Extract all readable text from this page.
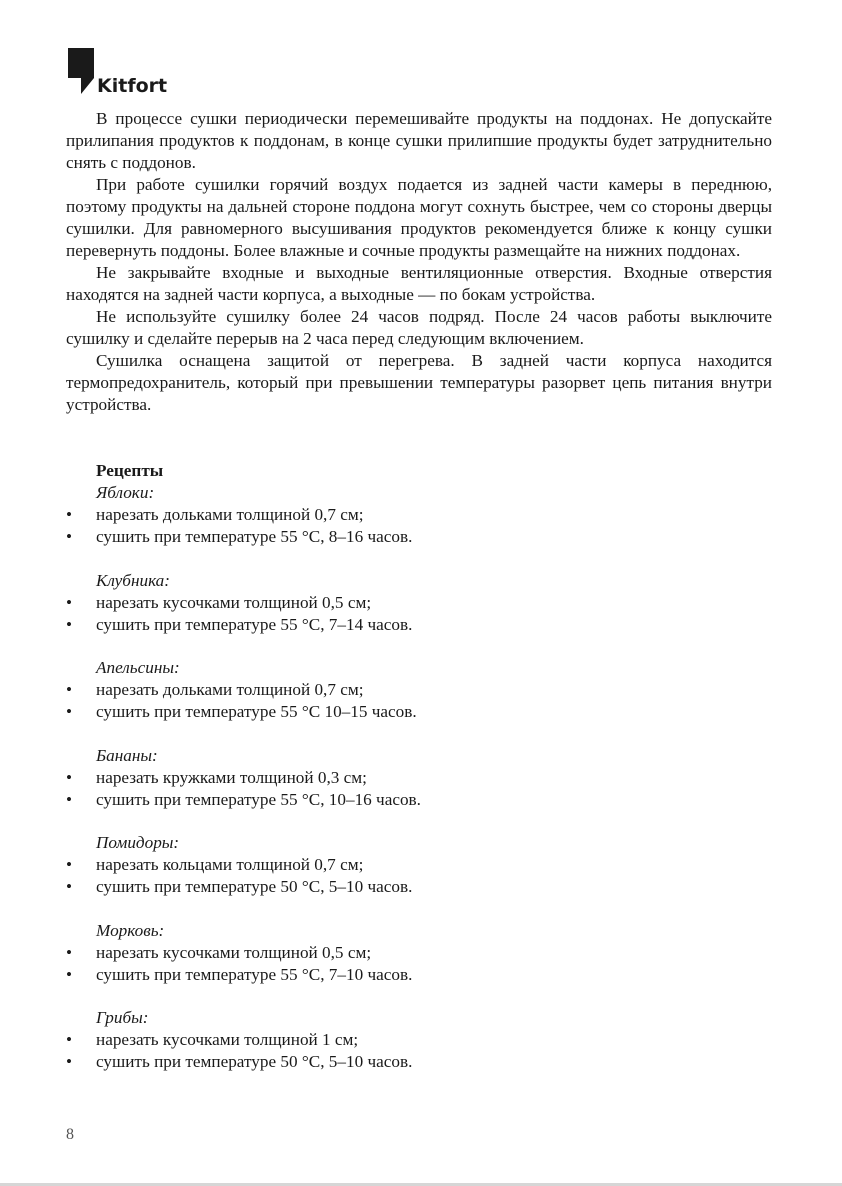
Kitfort

В процессе сушки периодически перемешивайте продукты на поддонах. Не допускайте прилипания продуктов к поддонам, в конце сушки прилипшие продукты будет затруднительно снять с поддонов.

При работе сушилки горячий воздух подается из задней части камеры в переднюю, поэтому продукты на дальней стороне поддона могут сохнуть быстрее, чем со стороны дверцы сушилки. Для равномерного высушивания продуктов рекомендуется ближе к концу сушки перевернуть поддоны. Более влажные и сочные продукты размещайте на нижних поддонах.

Не закрывайте входные и выходные вентиляционные отверстия. Входные отверстия находятся на задней части корпуса, а выходные — по бокам устройства.

Не используйте сушилку более 24 часов подряд. После 24 часов работы выключите сушилку и сделайте перерыв на 2 часа перед следующим включением.

Сушилка оснащена защитой от перегрева. В задней части корпуса находится термопредохранитель, который при превышении температуры разорвет цепь питания внутри устройства.

Рецепты
Яблоки:
• нарезать дольками толщиной 0,7 см;
• сушить при температуре 55 °С, 8–16 часов.
Клубника:
• нарезать кусочками толщиной 0,5 см;
• сушить при температуре 55 °С, 7–14 часов.
Апельсины:
• нарезать дольками толщиной 0,7 см;
• сушить при температуре 55 °С 10–15 часов.
Бананы:
• нарезать кружками толщиной 0,3 см;
• сушить при температуре 55 °С, 10–16 часов.
Помидоры:
• нарезать кольцами толщиной 0,7 см;
• сушить при температуре 50 °С, 5–10 часов.
Морковь:
• нарезать кусочками толщиной 0,5 см;
• сушить при температуре 55 °С, 7–10 часов.
Грибы:
• нарезать кусочками толщиной 1 см;
• сушить при температуре 50 °С, 5–10 часов.
8
